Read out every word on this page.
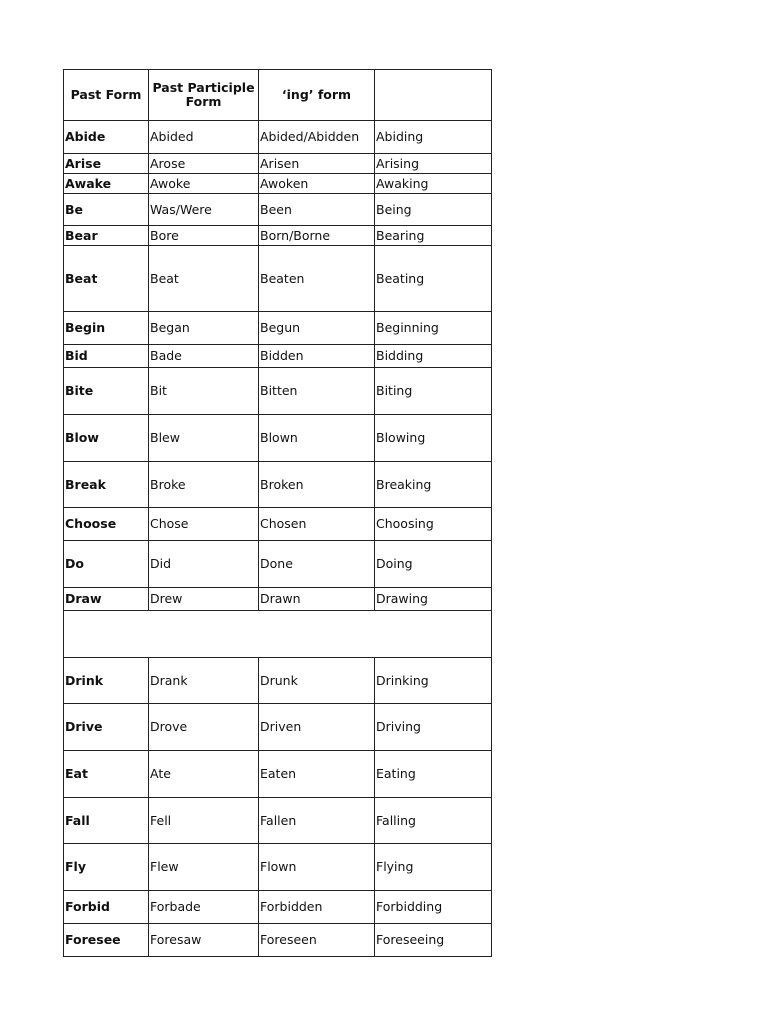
Past Form	Past Participle Form	‘ing’ form	
Abide	Abided	Abided/Abidden	Abiding
Arise	Arose	Arisen	Arising
Awake	Awoke	Awoken	Awaking
Be	Was/Were	Been	Being
Bear	Bore	Born/Borne	Bearing
Beat	Beat	Beaten	Beating
Begin	Began	Begun	Beginning
Bid	Bade	Bidden	Bidding
Bite	Bit	Bitten	Biting
Blow	Blew	Blown	Blowing
Break	Broke	Broken	Breaking
Choose	Chose	Chosen	Choosing
Do	Did	Done	Doing
Draw	Drew	Drawn	Drawing

Drink	Drank	Drunk	Drinking
Drive	Drove	Driven	Driving
Eat	Ate	Eaten	Eating
Fall	Fell	Fallen	Falling
Fly	Flew	Flown	Flying
Forbid	Forbade	Forbidden	Forbidding
Foresee	Foresaw	Foreseen	Foreseeing
